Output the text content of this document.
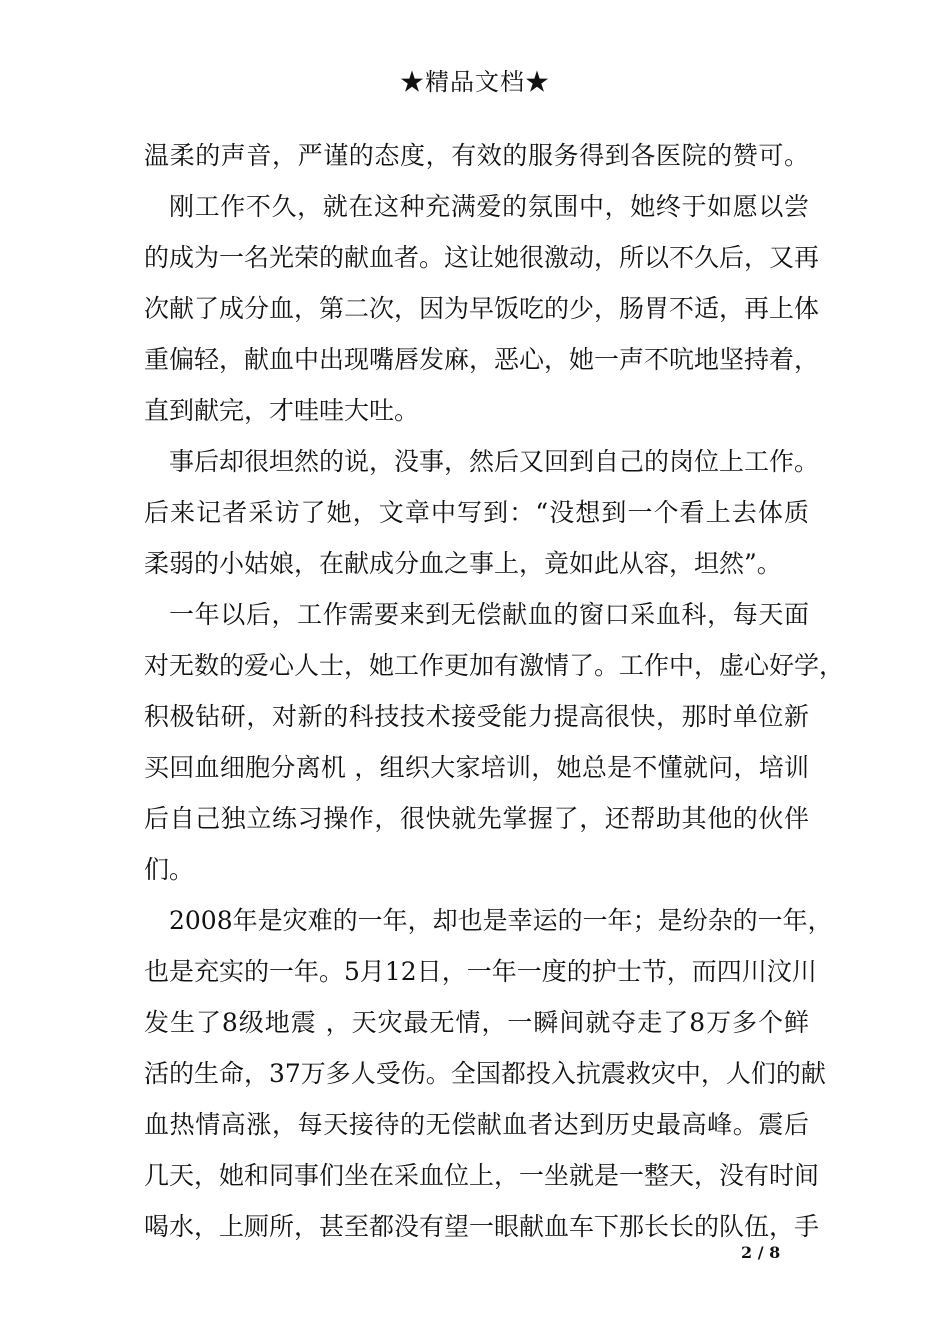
★精品文档★
温柔的声音，严谨的态度，有效的服务得到各医院的赞可。
刚工作不久，就在这种充满爱的氛围中，她终于如愿以尝
的成为一名光荣的献血者。这让她很激动，所以不久后，又再
次献了成分血，第二次，因为早饭吃的少，肠胃不适，再上体
重偏轻，献血中出现嘴唇发麻，恶心，她一声不吭地坚持着，
直到献完，才哇哇大吐。
事后却很坦然的说，没事，然后又回到自己的岗位上工作。
后来记者采访了她，文章中写到：“没想到一个看上去体质
柔弱的小姑娘，在献成分血之事上，竟如此从容，坦然”。
一年以后，工作需要来到无偿献血的窗口采血科，每天面
对无数的爱心人士，她工作更加有激情了。工作中，虚心好学，
积极钻研，对新的科技技术接受能力提高很快，那时单位新
买回血细胞分离机 ，组织大家培训，她总是不懂就问，培训
后自己独立练习操作，很快就先掌握了，还帮助其他的伙伴
们。
2008年是灾难的一年，却也是幸运的一年；是纷杂的一年，
也是充实的一年。5月12日，一年一度的护士节，而四川汶川
发生了8级地震 ，天灾最无情，一瞬间就夺走了8万多个鲜
活的生命，37万多人受伤。全国都投入抗震救灾中，人们的献
血热情高涨，每天接待的无偿献血者达到历史最高峰。震后
几天，她和同事们坐在采血位上，一坐就是一整天，没有时间
喝水，上厕所，甚至都没有望一眼献血车下那长长的队伍，手
2 / 8
